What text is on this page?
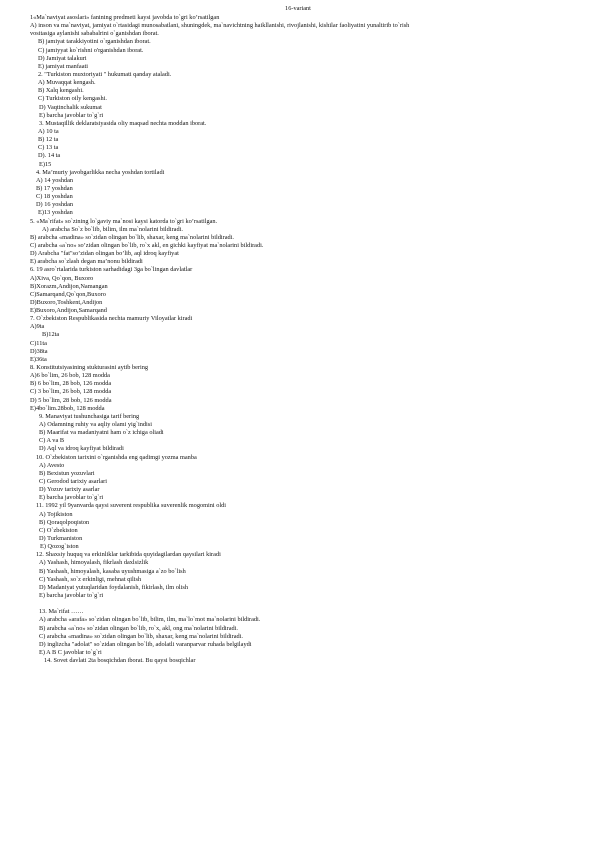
16-variant
1«Ma`naviyat asoslari» fanining predmeti kaysi javobda to`gri ko’rsatilgan
A) inson va ma`naviyat, jamiyat o`rtasidagi munosabatlani, shuningdek, ma`navichtning haikllanishi, rivojlanishi, kishilar faoliyatini yunaltirib to`rish
vositasiga aylanishi sababalrini o`ganishdan iborat.
B) jamiyat tarakkiyotini o`rganishdan iborat.
C) jamiyyat ko`rishni o'rganishdan iborat.
D) Jamiyat talakuri
E) jamiyat manfaati
2. "Turkiston muxtoriyati " hukumati qanday ataladi.
A) Muvaqqat kengash.
B) Xalq kengashi.
C) Turkiston oily kengashi.
D) Vaqtinchalik sukumat
E) barcha javoblar to`g`ri
3. Mustaqillik deklaratsiyasida oliy maqsad nechta moddan iborat.
A) 10 ta
B) 12 ta
C) 13 ta
D). 14 ta
E)15
4. Ma’muriy javobgarlikka necha yoshdan tortiladi
A) 14 yoshdan
B) 17 yoshdan
C) 18 yoshdan
D) 16 yoshdan
E)13 yoshdan
5. «Ma`rifat» so`zining lo`gaviy ma`nosi kaysi katorda to`gri ko’rsatilgan.
A) arabcha So`z bo`lib, bilim, ilm ma`nolarini bildiradi.
B) arabcha «madina» so`zidan olingan bo`lib, shaxar, keng ma`nolarini bildiradi.
C) arabcha «а`no» so’zidan olingan bo`lib, ro`x akl, en gichki kayfiyat ma`nolarini bildiradi.
D) Arabcha "fat"so’zidan olingan bo’lib, aql idroq kayfiyat
E) arabcha so`zlash degan ma’nonu bildiradi
6. 19 asro`rtalarida turkiston sarhadidagi 3ga bo`lingan davlatlar
A)Xiva, Qo`qon, Buxoro
B)Xorazm,Andijon,Namangan
C)Samarqand,Qo`qon,Buxoro
D)Buxoro,Toshkent,Andijon
E)Buxoro,Andijon,Samarqand
7. O`zbekiston Respublikasida nechta mamuriy Viloyatlar kiradi
A)9ta
B)12ta
C)11ta
D)38ta
E)36ta
8. Konstitutsiyasining stukturasini aytib bering
A)6 bo`lim, 26 bob, 128 modda
B) 6 bo`lim, 28 bob, 126 modda
C) 3 bo`lim, 26 bob, 128 modda
D) 5 bo`lim, 28 bob, 126 modda
E)4bo`lim.28bob, 128 modda
9. Manaviyat tushunchasiga tarif bering
A) Odamning ruhiy va aqliy olami yig`indisi
B) Maarifat va madaniyatni ham o`z ichiga oliadi
C) A va B
D) Aql va idroq kayfiyat bildiradi
10. O`zbekiston tarixini o`rganishda eng qadimgi yozma manba
A) Avesto
B) Bexistun yozuvlari
C) Gerodod tarixiy asarlari
D) Yozuv tarixiy asarlar
E) barcha javoblar to`g`ri
11. 1992 yil 9yanvarda qaysi suverent respublika suverenlik mogomini oldi
A) Tojikiston
B) Qoraqolpoqiston
C) O`zbekiston
D) Turkmaniston
E) Qozog`iston
12. Shaxsiy huquq va erkinliklar tarkibida quyidagilardan qaysilari kiradi
A) Yashash, himoyalash, fikrlash daxlsizlik
B) Yashash, himoyalash, kasaba uyushmasiga a`zo bo`lish
C) Yashash, so`z erkinligi, mehnat qilish
D) Madaniyat yutuqlaridan foydalanish, fikirlash, ilm olish
E) barcha javoblar to`g`ri
13. Ma`rifat ……
A) arabcha «arafa» so`zidan olingan bo`lib, bilim, ilm, ma`lo`mot ma`nolarini bildiradi.
B) arabcha «а`no» so`zidan olingan bo`lib, ro`x, akl, ong ma`nolarini bildiradi.
C) arabcha «madina» so`zidan olingan bo`lib, shaxar, keng ma`nolarini bildiradi.
D) inglizcha "adolat" so`zidan olingan bo`lib, adolatli varanparvar ruhada belgilaydi
E) A B C javoblar to`g`ri
14. Sovet davlati 2ta bosqichdan iborat. Bu qaysi bosqichlar
